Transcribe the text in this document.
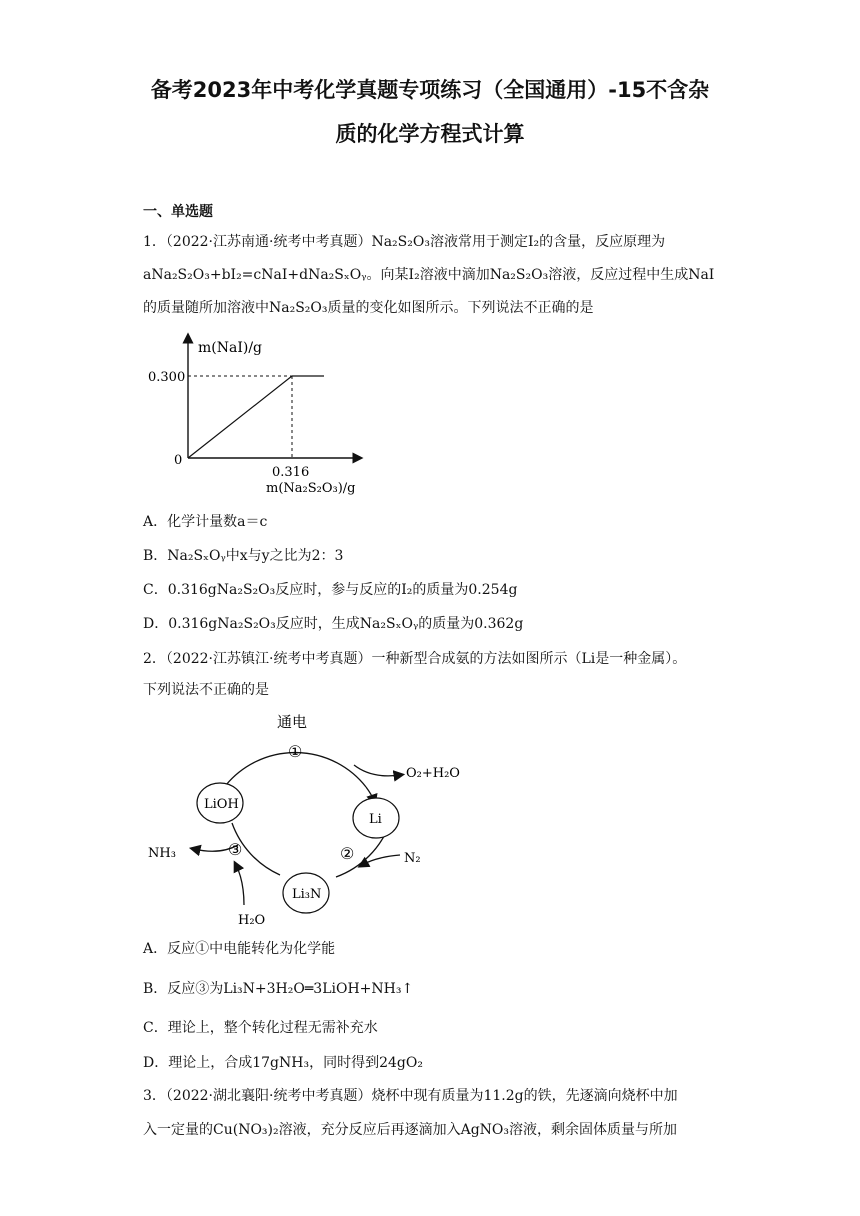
备考2023年中考化学真题专项练习（全国通用）-15不含杂
质的化学方程式计算
一、单选题
1．（2022·江苏南通·统考中考真题）Na₂S₂O₃溶液常用于测定I₂的含量，反应原理为
aNa₂S₂O₃+bI₂=cNaI+dNa₂SₓOᵧ。向某I₂溶液中滴加Na₂S₂O₃溶液，反应过程中生成NaI
的质量随所加溶液中Na₂S₂O₃质量的变化如图所示。下列说法不正确的是
m(NaI)/g
0.300
0
0.316
m(Na₂S₂O₃)/g
A．化学计量数a＝c
B．Na₂SₓOᵧ中x与y之比为2：3
C．0.316gNa₂S₂O₃反应时，参与反应的I₂的质量为0.254g
D．0.316gNa₂S₂O₃反应时，生成Na₂SₓOᵧ的质量为0.362g
2．（2022·江苏镇江·统考中考真题）一种新型合成氨的方法如图所示（Li是一种金属）。
下列说法不正确的是
LiOH
Li
Li₃N
通电
①
②
③
O₂+H₂O
N₂
NH₃
H₂O
A．反应①中电能转化为化学能
B．反应③为Li₃N+3H₂O═3LiOH+NH₃↑
C．理论上，整个转化过程无需补充水
D．理论上，合成17gNH₃，同时得到24gO₂
3．（2022·湖北襄阳·统考中考真题）烧杯中现有质量为11.2g的铁，先逐滴向烧杯中加
入一定量的Cu(NO₃)₂溶液，充分反应后再逐滴加入AgNO₃溶液，剩余固体质量与所加
